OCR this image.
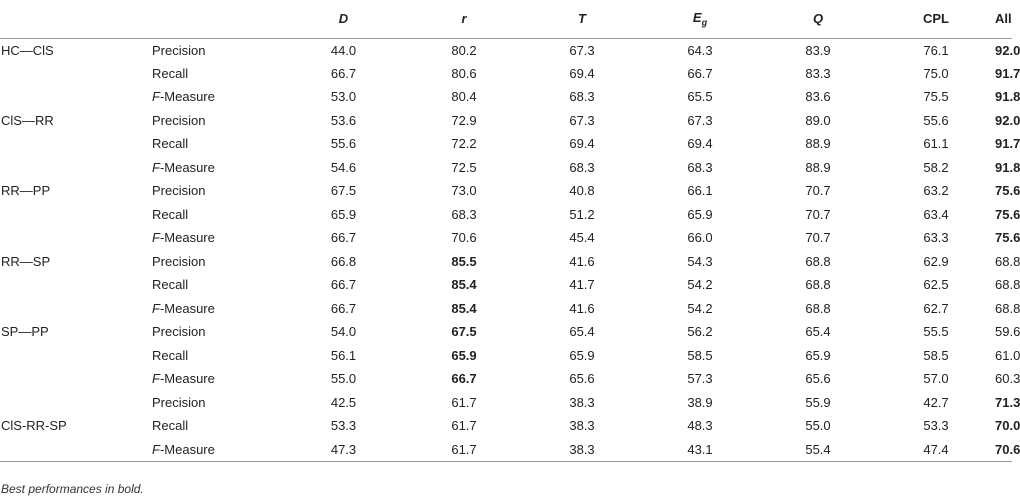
		D	r	T	$E_g$	Q	CPL	All
HC—ClS	Precision	44.0	80.2	67.3	64.3	83.9	76.1	92.0
	Recall	66.7	80.6	69.4	66.7	83.3	75.0	91.7
	F-Measure	53.0	80.4	68.3	65.5	83.6	75.5	91.8
ClS—RR	Precision	53.6	72.9	67.3	67.3	89.0	55.6	92.0
	Recall	55.6	72.2	69.4	69.4	88.9	61.1	91.7
	F-Measure	54.6	72.5	68.3	68.3	88.9	58.2	91.8
RR—PP	Precision	67.5	73.0	40.8	66.1	70.7	63.2	75.6
	Recall	65.9	68.3	51.2	65.9	70.7	63.4	75.6
	F-Measure	66.7	70.6	45.4	66.0	70.7	63.3	75.6
RR—SP	Precision	66.8	85.5	41.6	54.3	68.8	62.9	68.8
	Recall	66.7	85.4	41.7	54.2	68.8	62.5	68.8
	F-Measure	66.7	85.4	41.6	54.2	68.8	62.7	68.8
SP—PP	Precision	54.0	67.5	65.4	56.2	65.4	55.5	59.6
	Recall	56.1	65.9	65.9	58.5	65.9	58.5	61.0
	F-Measure	55.0	66.7	65.6	57.3	65.6	57.0	60.3
	Precision	42.5	61.7	38.3	38.9	55.9	42.7	71.3
ClS-RR-SP	Recall	53.3	61.7	38.3	48.3	55.0	53.3	70.0
	F-Measure	47.3	61.7	38.3	43.1	55.4	47.4	70.6
Best performances in bold.
